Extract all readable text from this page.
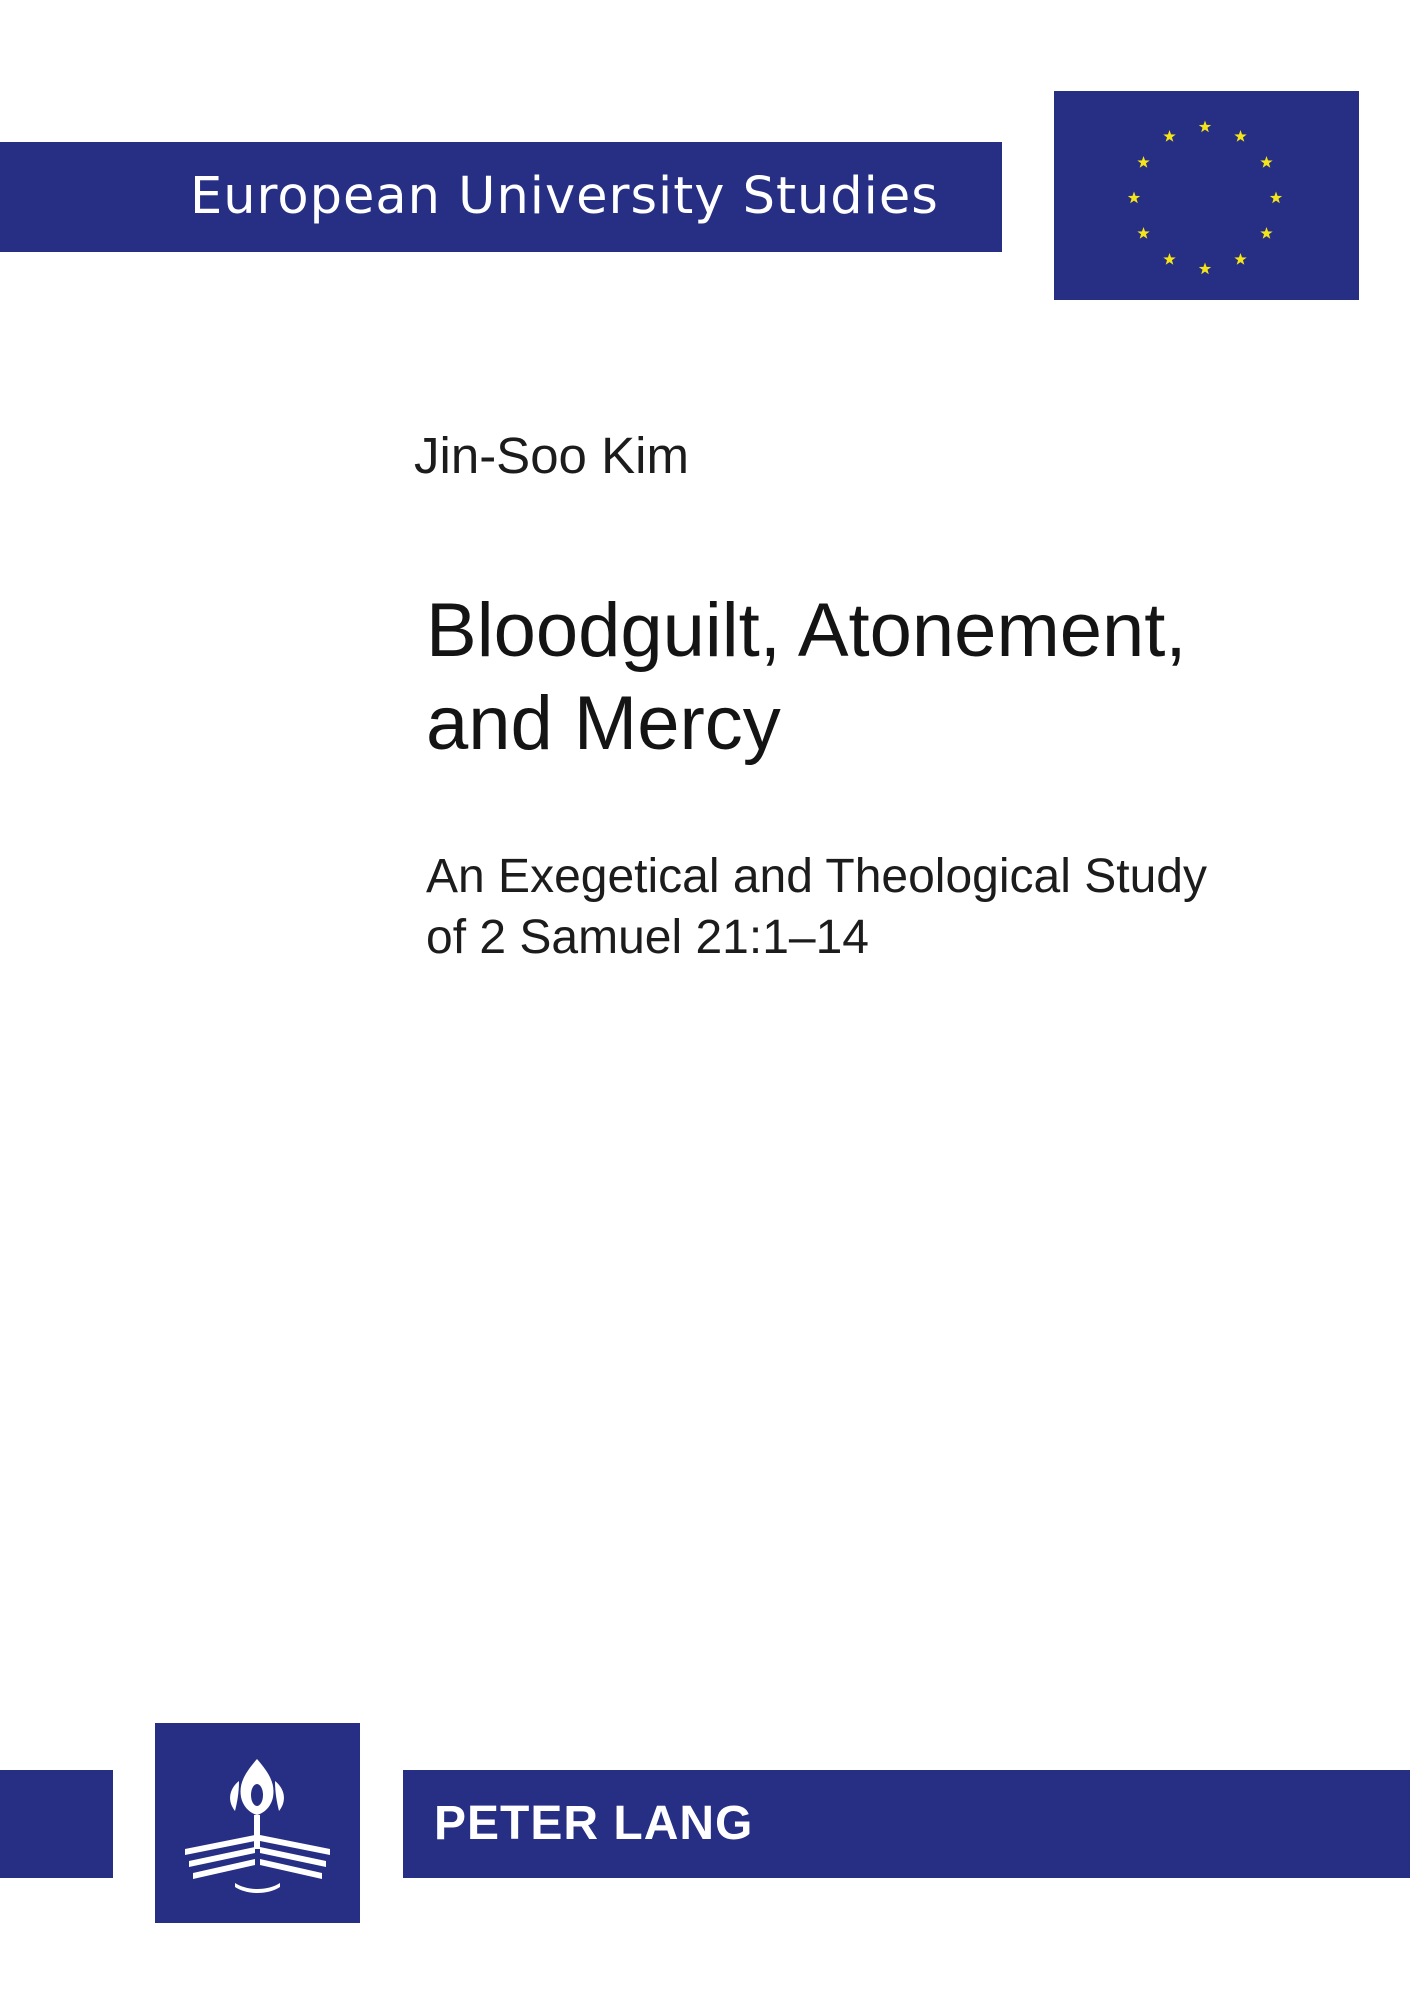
European University Studies
Jin-Soo Kim
Bloodguilt, Atonement,
and Mercy
An Exegetical and Theological Study
of 2 Samuel 21:1–14
PETER LANG
